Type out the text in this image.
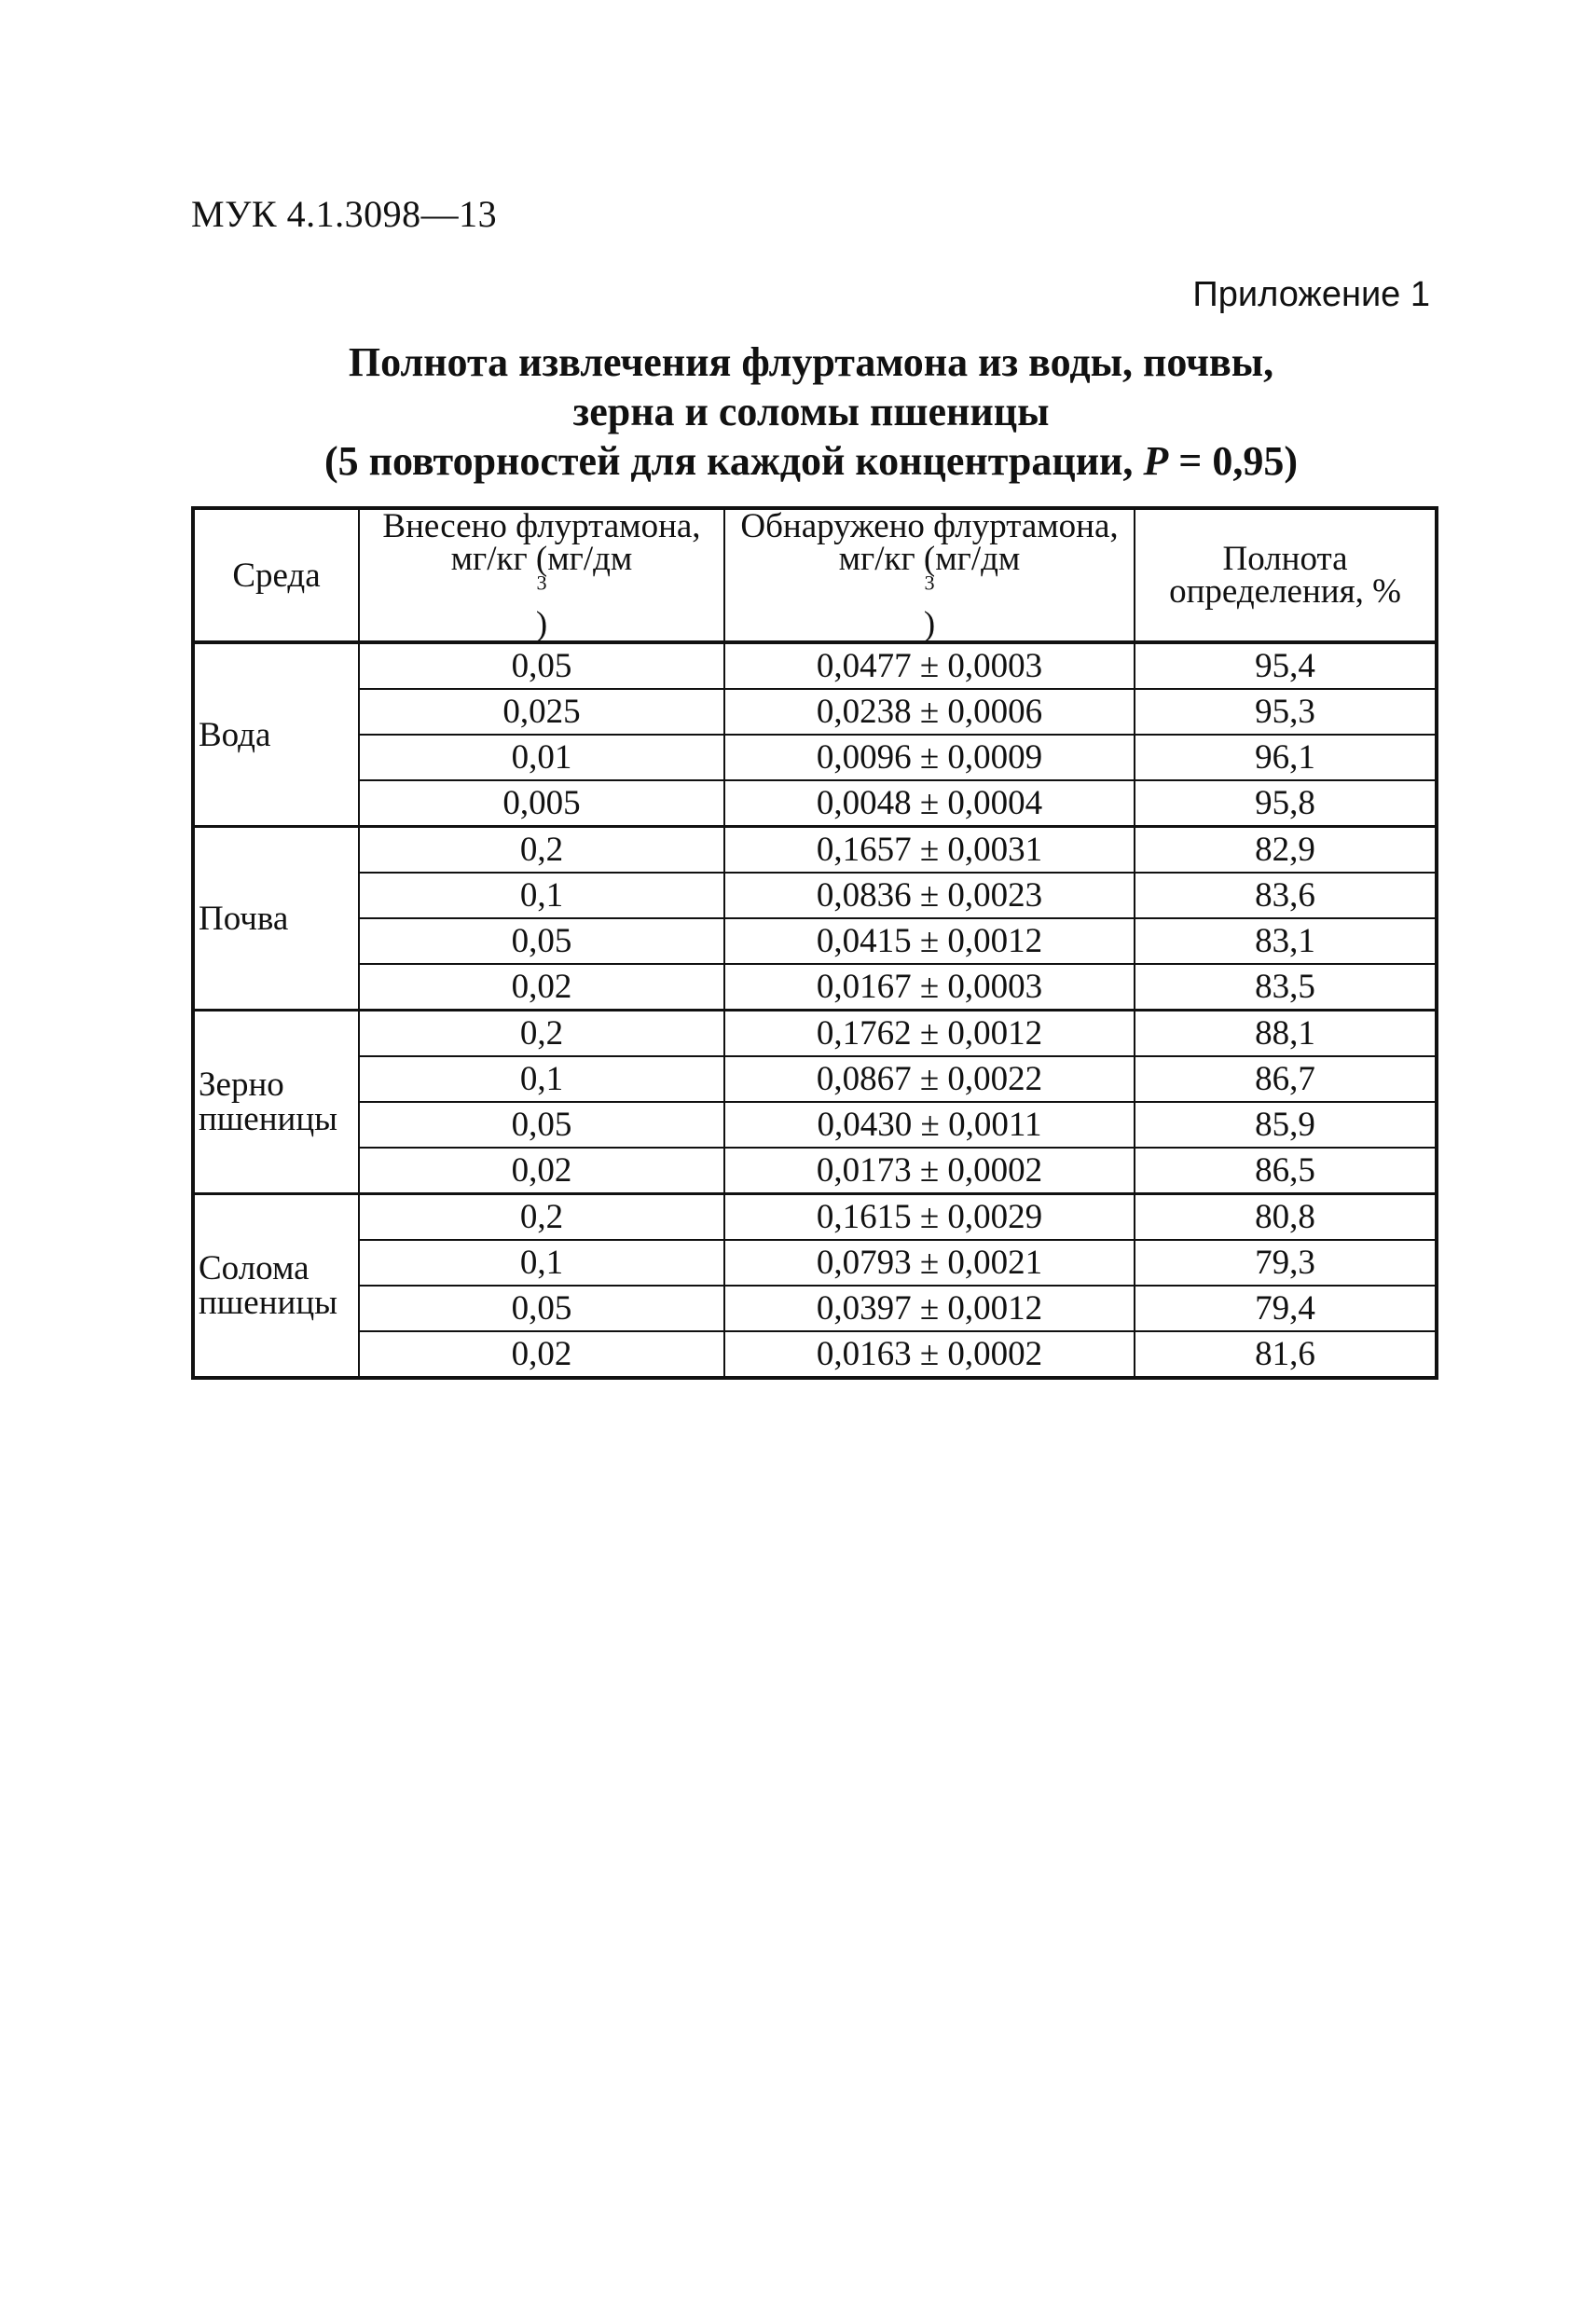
МУК 4.1.3098—13
Приложение 1
Полнота извлечения флуртамона из воды, почвы,
зерна и соломы пшеницы
(5 повторностей для каждой концентрации, P = 0,95)
Среда	Внесено флуртамона,
мг/кг (мг/дм
$^3$
)	Обнаружено флуртамона,
мг/кг (мг/дм
$^3$
)	Полнота
определения, %

Вода	0,05	0,0477 ± 0,0003	95,4
	0,025	0,0238 ± 0,0006	95,3
	0,01	0,0096 ± 0,0009	96,1
	0,005	0,0048 ± 0,0004	95,8

Почва	0,2	0,1657 ± 0,0031	82,9
	0,1	0,0836 ± 0,0023	83,6
	0,05	0,0415 ± 0,0012	83,1
	0,02	0,0167 ± 0,0003	83,5

Зерно
пшеницы	0,2	0,1762 ± 0,0012	88,1
	0,1	0,0867 ± 0,0022	86,7
	0,05	0,0430 ± 0,0011	85,9
	0,02	0,0173 ± 0,0002	86,5

Солома
пшеницы	0,2	0,1615 ± 0,0029	80,8
	0,1	0,0793 ± 0,0021	79,3
	0,05	0,0397 ± 0,0012	79,4
	0,02	0,0163 ± 0,0002	81,6
